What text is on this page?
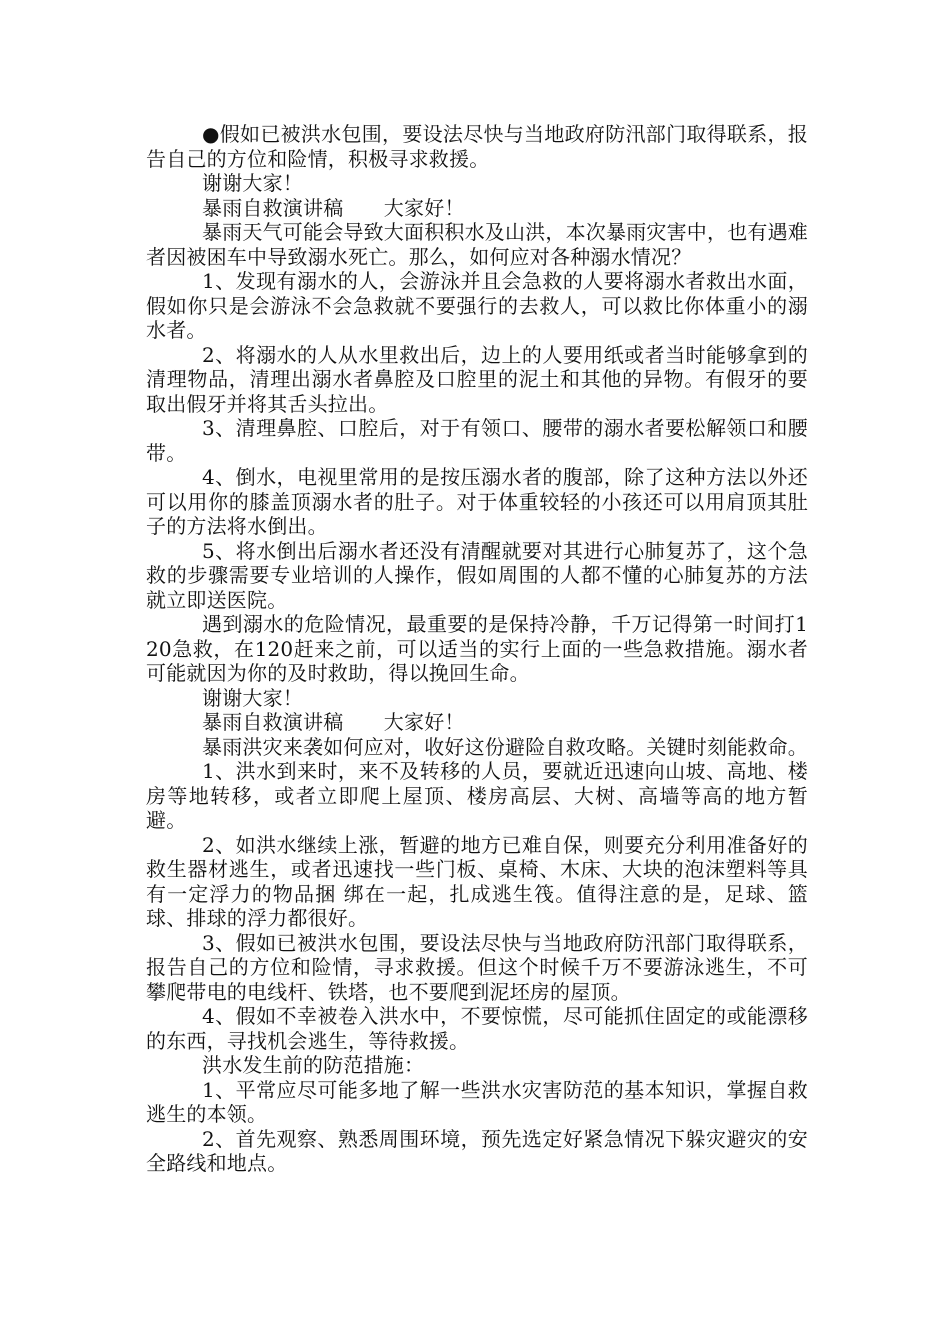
●假如已被洪水包围，要设法尽快与当地政府防汛部门取得联系，报告自己的方位和险情，积极寻求救援。

谢谢大家！

暴雨自救演讲稿　　大家好！

暴雨天气可能会导致大面积积水及山洪，本次暴雨灾害中，也有遇难者因被困车中导致溺水死亡。那么，如何应对各种溺水情况？

1、发现有溺水的人，会游泳并且会急救的人要将溺水者救出水面，假如你只是会游泳不会急救就不要强行的去救人，可以救比你体重小的溺水者。

2、将溺水的人从水里救出后，边上的人要用纸或者当时能够拿到的清理物品，清理出溺水者鼻腔及口腔里的泥土和其他的异物。有假牙的要取出假牙并将其舌头拉出。

3、清理鼻腔、口腔后，对于有领口、腰带的溺水者要松解领口和腰带。

4、倒水，电视里常用的是按压溺水者的腹部，除了这种方法以外还可以用你的膝盖顶溺水者的肚子。对于体重较轻的小孩还可以用肩顶其肚子的方法将水倒出。

5、将水倒出后溺水者还没有清醒就要对其进行心肺复苏了，这个急救的步骤需要专业培训的人操作，假如周围的人都不懂的心肺复苏的方法就立即送医院。

遇到溺水的危险情况，最重要的是保持冷静，千万记得第一时间打120急救，在120赶来之前，可以适当的实行上面的一些急救措施。溺水者可能就因为你的及时救助，得以挽回生命。

谢谢大家！

暴雨自救演讲稿　　大家好！

暴雨洪灾来袭如何应对，收好这份避险自救攻略。关键时刻能救命。

1、洪水到来时，来不及转移的人员，要就近迅速向山坡、高地、楼房等地转移，或者立即爬上屋顶、楼房高层、大树、高墙等高的地方暂避。

2、如洪水继续上涨，暂避的地方已难自保，则要充分利用准备好的救生器材逃生，或者迅速找一些门板、桌椅、木床、大块的泡沫塑料等具有一定浮力的物品捆 绑在一起，扎成逃生筏。值得注意的是，足球、篮球、排球的浮力都很好。

3、假如已被洪水包围，要设法尽快与当地政府防汛部门取得联系，报告自己的方位和险情，寻求救援。但这个时候千万不要游泳逃生，不可攀爬带电的电线杆、铁塔，也不要爬到泥坯房的屋顶。

4、假如不幸被卷入洪水中，不要惊慌，尽可能抓住固定的或能漂移的东西，寻找机会逃生，等待救援。

洪水发生前的防范措施：

1、平常应尽可能多地了解一些洪水灾害防范的基本知识，掌握自救逃生的本领。

2、首先观察、熟悉周围环境，预先选定好紧急情况下躲灾避灾的安全路线和地点。
